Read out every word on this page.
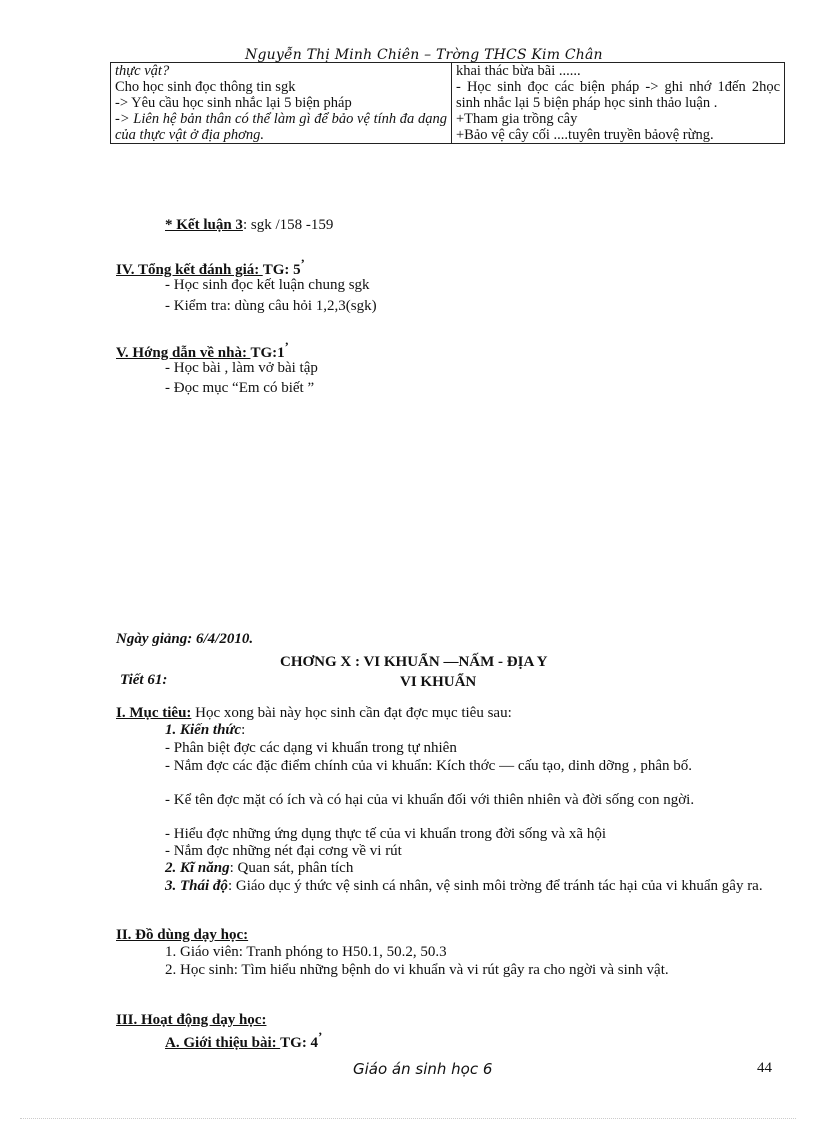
Nguyễn Thị Minh Chiên – Trờng THCS Kim Chân
thực vật?
Cho học sinh đọc thông tin sgk
-> Yêu cầu học sinh nhắc lại 5 biện pháp
-> Liên hệ bản thân có thể làm gì để bảo vệ tính đa dạng của thực vật ở địa phơng.

khai thác bừa bãi ......
- Học sinh đọc các biện pháp -> ghi nhớ 1đến 2học sinh nhắc lại 5 biện pháp học sinh thảo luận .
+Tham gia trồng cây
+Bảo vệ cây cối ....tuyên truyền bảovệ rừng.
* Kết luận 3: sgk /158 -159
IV. Tổng kết đánh giá: TG: 5’
- Học sinh đọc kết luận chung sgk
- Kiểm tra: dùng câu hỏi 1,2,3(sgk)
V. Hớng dẫn về nhà: TG:1’
- Học bài , làm vở bài tập
- Đọc mục “Em có biết ”
Ngày giảng: 6/4/2010.
CHƠNG X : VI KHUẨN —NẤM - ĐỊA Y
Tiết 61:	VI KHUẨN
I. Mục tiêu: Học xong bài này học sinh cần đạt đợc mục tiêu sau:
1. Kiến thức:
- Phân biệt đợc các dạng vi khuẩn trong tự nhiên
- Nắm đợc các đặc điểm chính của vi khuẩn: Kích thớc — cấu tạo, dinh dỡng , phân bố.
- Kể tên đợc mặt có ích và có hại của vi khuẩn đối với thiên nhiên và đời sống con ngời.
- Hiểu đợc những ứng dụng thực tế của vi khuẩn trong đời sống và xã hội
- Nắm đợc những nét đại cơng về vi rút
2. Kĩ năng: Quan sát, phân tích
3. Thái độ: Giáo dục ý thức vệ sinh cá nhân, vệ sinh môi trờng để tránh tác hại của vi khuẩn gây ra.
II. Đồ dùng dạy học:
1. Giáo viên: Tranh phóng to H50.1, 50.2, 50.3
2. Học sinh: Tìm hiểu những bệnh do vi khuẩn và vi rút gây ra cho ngời và sinh vật.
III. Hoạt động dạy học:
A. Giới thiệu bài: TG: 4’
Giáo án sinh học 6	44
